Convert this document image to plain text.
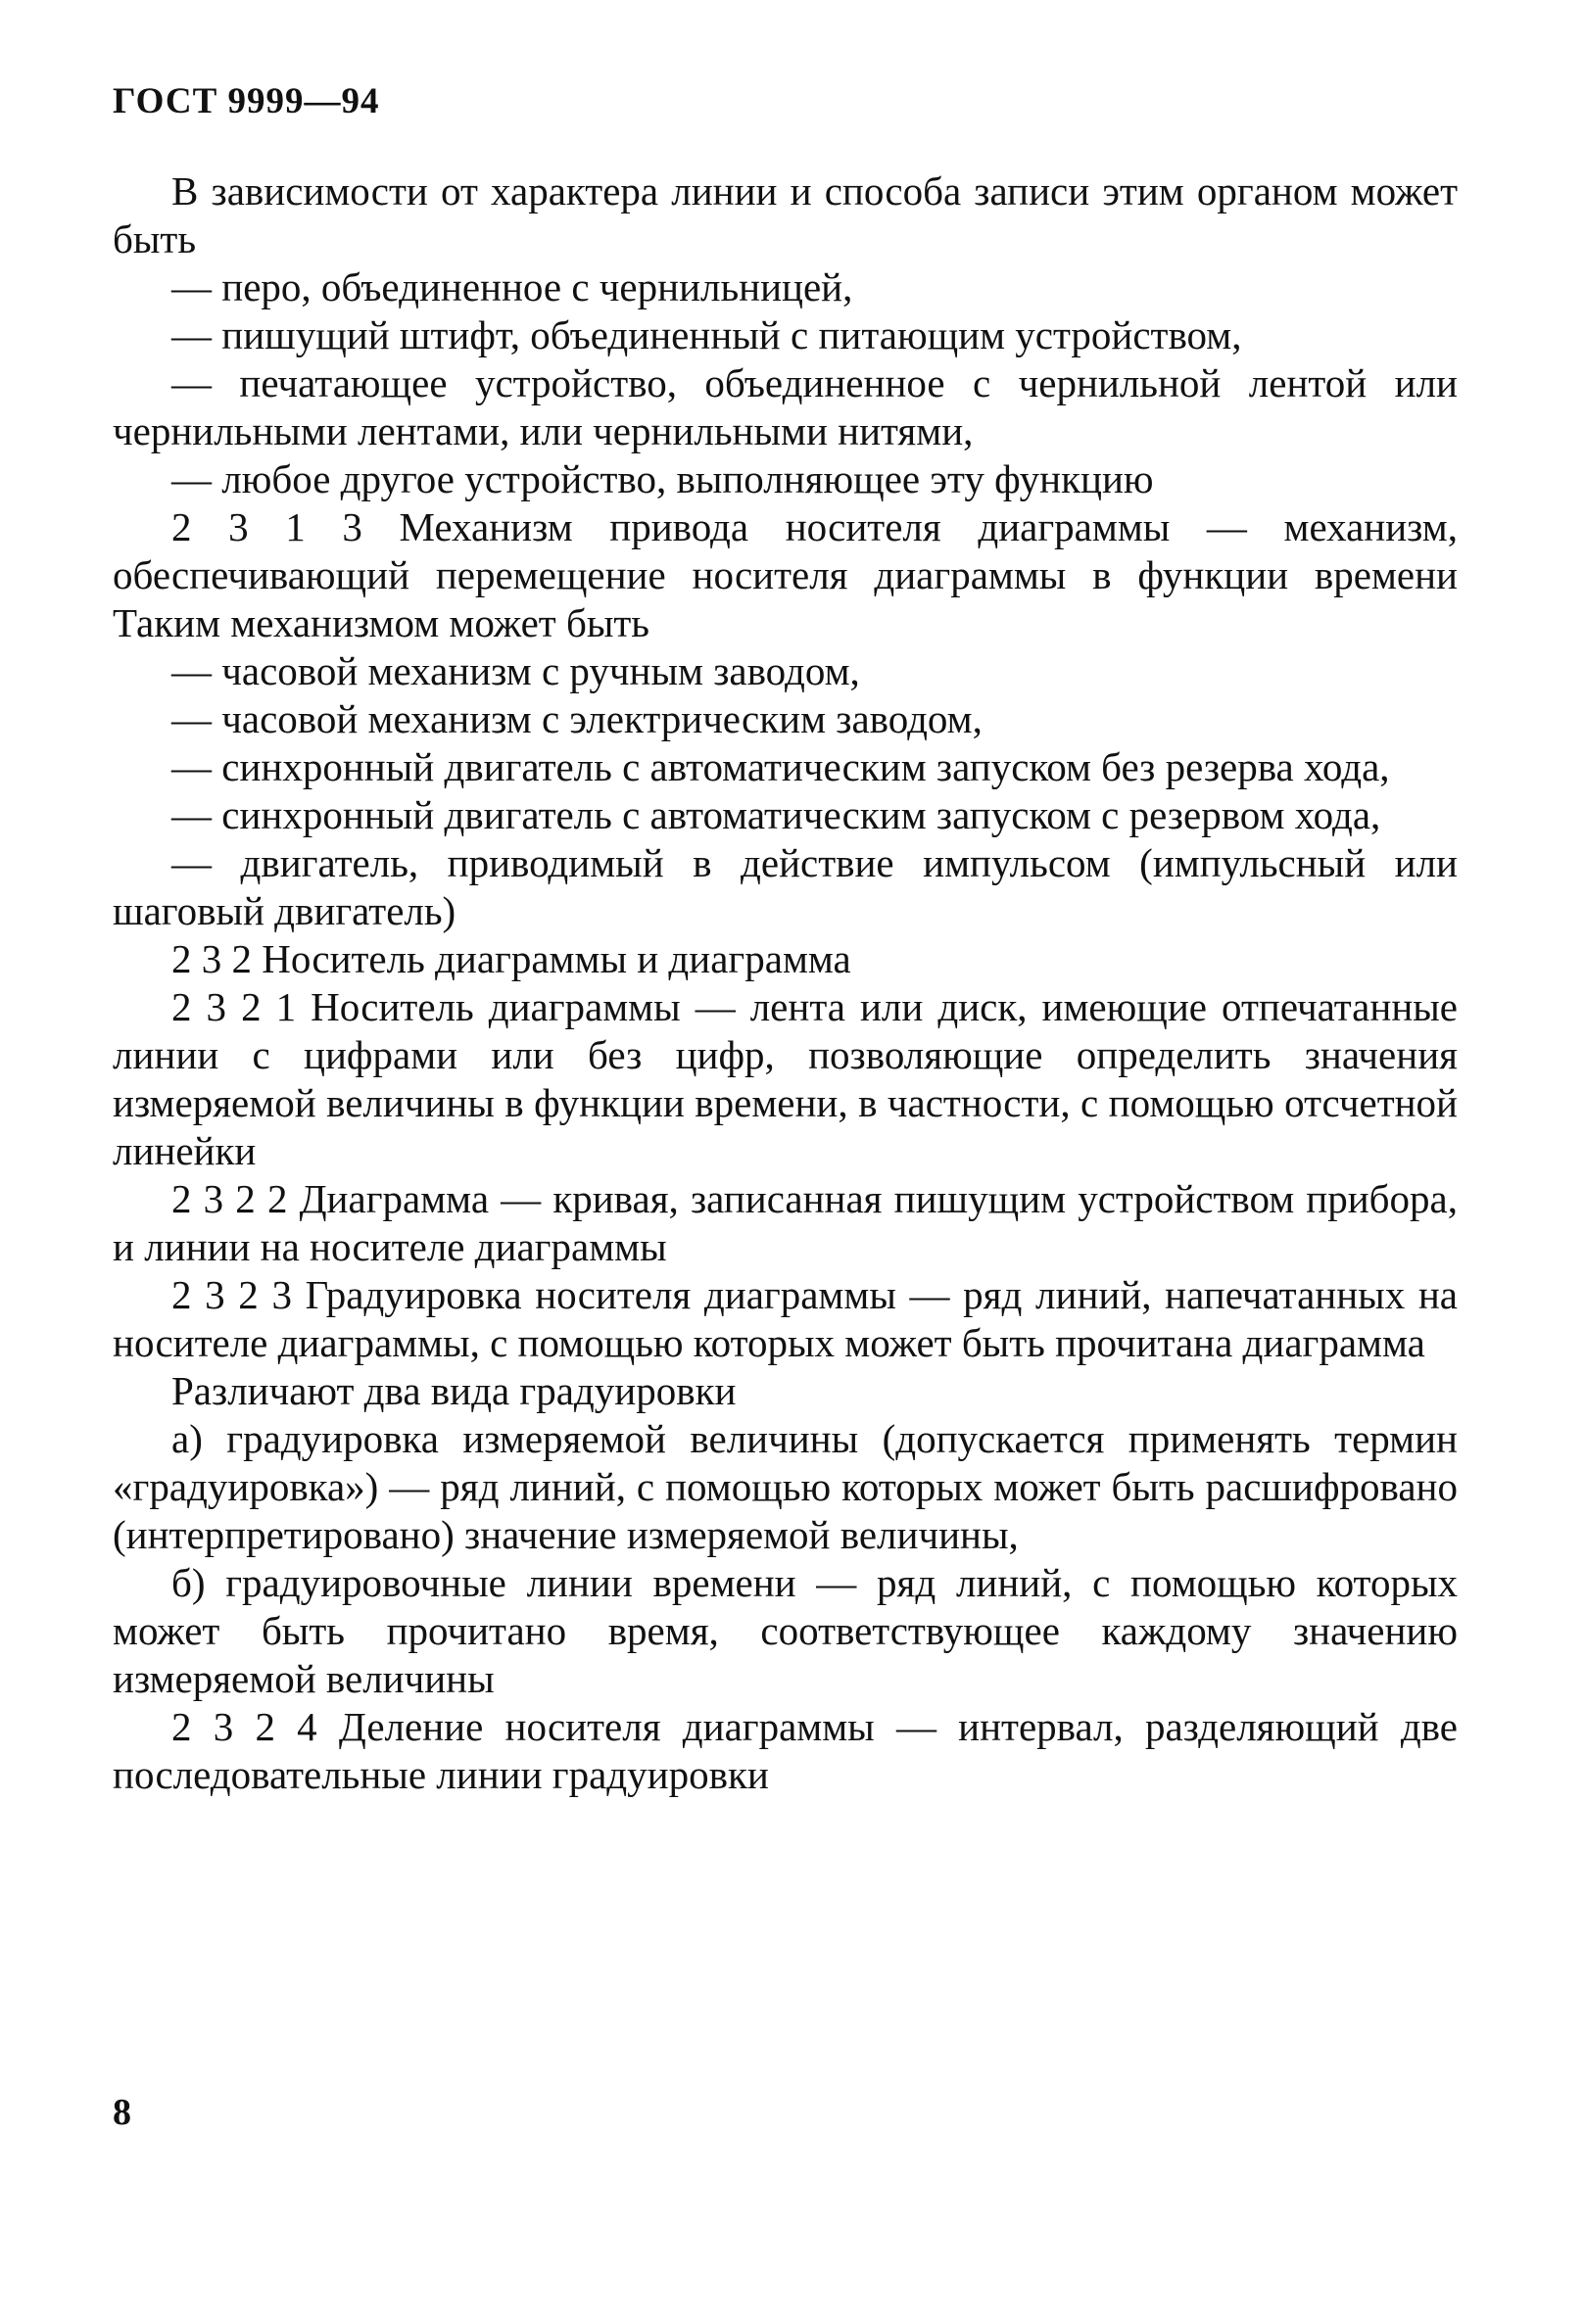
ГОСТ 9999—94

В зависимости от характера линии и способа записи этим органом может быть

— перо, объединенное с чернильницей,

— пишущий штифт, объединенный с питающим устройством,

— печатающее устройство, объединенное с чернильной лентой или чернильными лентами, или чернильными нитями,

— любое другое устройство, выполняющее эту функцию

2 3 1 3 Механизм привода носителя диаграммы — механизм, обеспечивающий перемещение носителя диаграммы в функции времени Таким механизмом может быть

— часовой механизм с ручным заводом,

— часовой механизм с электрическим заводом,

— синхронный двигатель с автоматическим запуском без резерва хода,

— синхронный двигатель с автоматическим запуском с резервом хода,

— двигатель, приводимый в действие импульсом (импульсный или шаговый двигатель)

2 3 2 Носитель диаграммы и диаграмма

2 3 2 1 Носитель диаграммы — лента или диск, имеющие отпечатанные линии с цифрами или без цифр, позволяющие определить значения измеряемой величины в функции времени, в частности, с помощью отсчетной линейки

2 3 2 2 Диаграмма — кривая, записанная пишущим устройством прибора, и линии на носителе диаграммы

2 3 2 3 Градуировка носителя диаграммы — ряд линий, напечатанных на носителе диаграммы, с помощью которых может быть прочитана диаграмма

Различают два вида градуировки

а) градуировка измеряемой величины (допускается применять термин «градуировка») — ряд линий, с помощью которых может быть расшифровано (интерпретировано) значение измеряемой величины,

б) градуировочные линии времени — ряд линий, с помощью которых может быть прочитано время, соответствующее каждому значению измеряемой величины

2 3 2 4 Деление носителя диаграммы — интервал, разделяющий две последовательные линии градуировки

8
